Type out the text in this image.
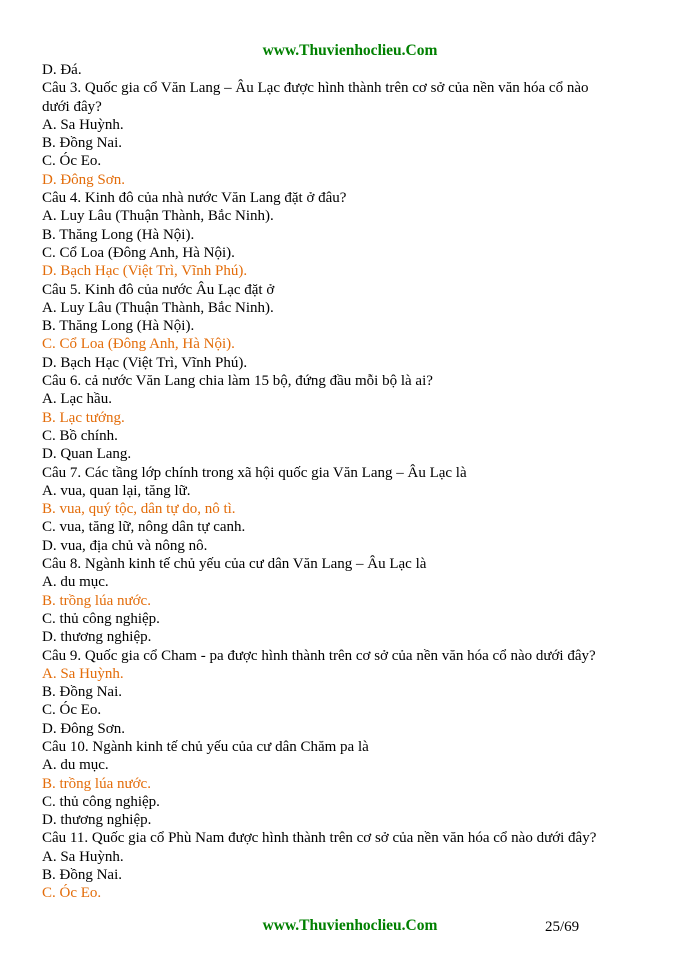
www.Thuvienhoclieu.Com
D. Đá.
Câu 3. Quốc gia cổ Văn Lang – Âu Lạc được hình thành trên cơ sở của nền văn hóa cổ nào
dưới đây?
A. Sa Huỳnh.
B. Đồng Nai.
C. Óc Eo.
D. Đông Sơn.
Câu 4. Kinh đô của nhà nước Văn Lang đặt ở đâu?
A. Luy Lâu (Thuận Thành, Bắc Ninh).
B. Thăng Long (Hà Nội).
C. Cổ Loa (Đông Anh, Hà Nội).
D. Bạch Hạc (Việt Trì, Vĩnh Phú).
Câu 5. Kinh đô của nước Âu Lạc đặt ở
A. Luy Lâu (Thuận Thành, Bắc Ninh).
B. Thăng Long (Hà Nội).
C. Cổ Loa (Đông Anh, Hà Nội).
D. Bạch Hạc (Việt Trì, Vĩnh Phú).
Câu 6. cả nước Văn Lang chia làm 15 bộ, đứng đầu mỗi bộ là ai?
A. Lạc hầu.
B. Lạc tướng.
C. Bồ chính.
D. Quan Lang.
Câu 7. Các tầng lớp chính trong xã hội quốc gia Văn Lang – Âu Lạc là
A. vua, quan lại, tăng lữ.
B. vua, quý tộc, dân tự do, nô tì.
C. vua, tăng lữ, nông dân tự canh.
D. vua, địa chủ và nông nô.
Câu 8. Ngành kinh tế chủ yếu của cư dân Văn Lang – Âu Lạc là
A. du mục.
B. trồng lúa nước.
C. thủ công nghiệp.
D. thương nghiệp.
Câu 9. Quốc gia cổ Cham - pa được hình thành trên cơ sở của nền văn hóa cổ nào dưới đây?
A. Sa Huỳnh.
B. Đồng Nai.
C. Óc Eo.
D. Đông Sơn.
Câu 10. Ngành kinh tế chủ yếu của cư dân Chăm pa là
A. du mục.
B. trồng lúa nước.
C. thủ công nghiệp.
D. thương nghiệp.
Câu 11. Quốc gia cổ Phù Nam được hình thành trên cơ sở của nền văn hóa cổ nào dưới đây?
A. Sa Huỳnh.
B. Đồng Nai.
C. Óc Eo.
www.Thuvienhoclieu.Com	25/69
